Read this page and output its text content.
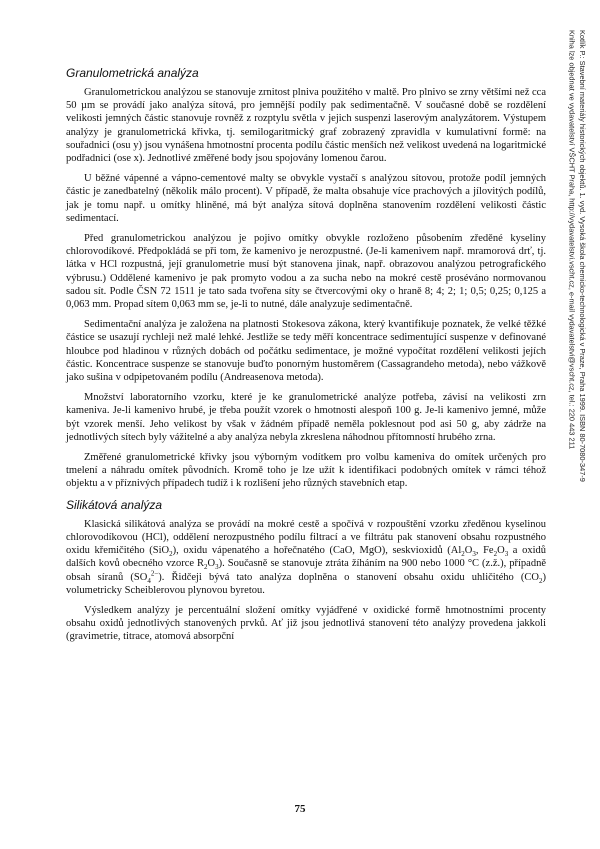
Granulometrická analýza

Granulometrickou analýzou se stanovuje zrnitost plniva použitého v maltě. Pro plnivo se zrny většími než cca 50 µm se provádí jako analýza sítová, pro jemnější podíly pak sedimentačně. V současné době se rozdělení velikosti jemných částic stanovuje rovněž z rozptylu světla v jejich suspenzi laserovým analyzátorem. Výstupem analýzy je granulometrická křivka, tj. semilogaritmický graf zobrazený zpravidla v kumulativní formě: na souřadnici (osu y) jsou vynášena hmotnostní procenta podílu částic menších než velikost uvedená na logaritmické podřadnici (ose x). Jednotlivé změřené body jsou spojovány lomenou čarou.

U běžné vápenné a vápno-cementové malty se obvykle vystačí s analýzou sítovou, protože podíl jemných částic je zanedbatelný (několik málo procent). V případě, že malta obsahuje více prachových a jílovitých podílů, jak je tomu např. u omítky hliněné, má být analýza sítová doplněna stanovením rozdělení velikosti částic sedimentací.

Před granulometrickou analýzou je pojivo omítky obvykle rozloženo působením zředěné kyseliny chlorovodíkové. Předpokládá se při tom, že kamenivo je nerozpustné. (Je-li kamenivem např. mramorová drť, tj. látka v HCl rozpustná, její granulometrie musí být stanovena jinak, např. obrazovou analýzou petrografického výbrusu.) Oddělené kamenivo je pak promyto vodou a za sucha nebo na mokré cestě proséváno normovanou sadou sít. Podle ČSN 72 1511 je tato sada tvořena síty se čtvercovými oky o hraně 8; 4; 2; 1; 0,5; 0,25; 0,125 a 0,063 mm. Propad sítem 0,063 mm se, je-li to nutné, dále analyzuje sedimentačně.

Sedimentační analýza je založena na platnosti Stokesova zákona, který kvantifikuje poznatek, že velké těžké částice se usazují rychleji než malé lehké. Jestliže se tedy měří koncentrace sedimentující suspenze v definované hloubce pod hladinou v různých dobách od počátku sedimentace, je možné vypočítat rozdělení velikosti jejích částic. Koncentrace suspenze se stanovuje buďto ponorným hustoměrem (Cassagrandeho metoda), nebo vážkově jako sušina v odpipetovaném podílu (Andreasenova metoda).

Množství laboratorního vzorku, které je ke granulometrické analýze potřeba, závisí na velikosti zrn kameniva. Je-li kamenivo hrubé, je třeba použít vzorek o hmotnosti alespoň 100 g. Je-li kamenivo jemné, může být vzorek menší. Jeho velikost by však v žádném případě neměla poklesnout pod asi 50 g, aby zádrže na jednotlivých sítech byly vážitelné a aby analýza nebyla zkreslena náhodnou přítomností hrubého zrna.

Změřené granulometrické křivky jsou výborným vodítkem pro volbu kameniva do omítek určených pro tmelení a náhradu omítek původních. Kromě toho je lze užít k identifikaci podobných omítek v rámci téhož objektu a v příznivých případech tudíž i k rozlišení jeho různých stavebních etap.

Silikátová analýza

Klasická silikátová analýza se provádí na mokré cestě a spočívá v rozpouštění vzorku zředěnou kyselinou chlorovodíkovou (HCl), oddělení nerozpustného podílu filtrací a ve filtrátu pak stanovení obsahu rozpustného oxidu křemičitého (SiO$_2$), oxidu vápenatého a hořečnatého (CaO, MgO), seskvioxidů ($Al_2O_3$, $Fe_2O_3$ a oxidů dalších kovů obecného vzorce $R_2O_3$). Současně se stanovuje ztráta žíháním na 900 nebo 1000 °C (z.ž.), případně obsah síranů $(SO_4^{2-})$. Řidčeji bývá tato analýza doplněna o stanovení obsahu oxidu uhličitého $(CO_2)$ volumetricky Scheiblerovou plynovou byretou.

Výsledkem analýzy je percentuální složení omítky vyjádřené v oxidické formě hmotnostními procenty obsahu oxidů jednotlivých stanovených prvků. Ať již jsou jednotlivá stanovení této analýzy provedena jakkoli (gravimetrie, titrace, atomová absorpční

Kotlík P.: Stavební materiály historických objektů. 1. vyd. Vysoká škola chemicko-technologická v Praze, Praha 1999. ISBN 80-7080-347-9
Kniha lze objednat ve vydavatelství VŠCHT Praha, http://vydavatelstvi.vscht.cz, e-mail vydavatelstvi@vscht.cz, tel.: 220 443 211
75
